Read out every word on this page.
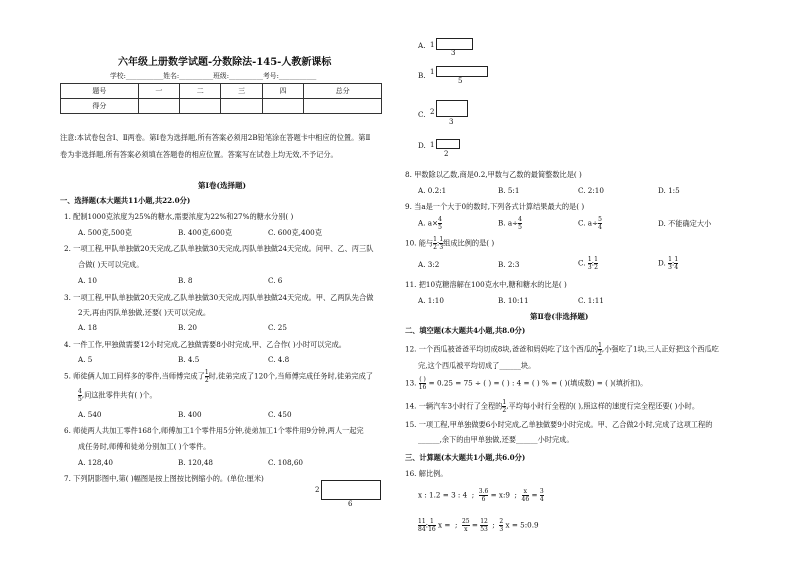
六年级上册数学试题-分数除法-145-人教新课标
学校:___________姓名:__________班级:__________考号:___________
题号	一	二	三	四	总分
得分					
注意:本试卷包含Ⅰ、Ⅱ两卷。第Ⅰ卷为选择题,所有答案必须用2B铅笔涂在答题卡中相应的位置。第Ⅱ
卷为非选择题,所有答案必须填在答题卷的相应位置。答案写在试卷上均无效,不予记分。
第Ⅰ卷(选择题)
一、选择题(本大题共11小题,共22.0分)
1. 配制1000克浓度为25%的糖水,需要浓度为22%和27%的糖水分别( )
A. 500克,500克	B. 400克,600克	C. 600克,400克
2. 一项工程,甲队单独做20天完成,乙队单独做30天完成,丙队单独做24天完成。问甲、乙、丙三队
合做( )天可以完成。
A. 10	B. 8	C. 6
3. 一项工程,甲队单独做20天完成,乙队单独做30天完成,丙队单独做24天完成。甲、乙两队先合做
2天,再由丙队单独做,还要( )天可以完成。
A. 18	B. 20	C. 25
4. 一件工作,甲独做需要12小时完成,乙独做需要8小时完成,甲、乙合作( )小时可以完成。
A. 5	B. 4.5	C. 4.8
5. 师徒俩人加工同样多的零件,当师傅完成了 $\frac{1}{2}$ 时,徒弟完成了120个,当师傅完成任务时,徒弟完成了
$\frac{4}{5}$ ,问这批零件共有( )个。
A. 540	B. 400	C. 450
6. 师徒两人共加工零件168个,师傅加工1个零件用5分钟,徒弟加工1个零件用9分钟,两人一起完
成任务时,师傅和徒弟分别加工( )个零件。
A. 128,40	B. 120,48	C. 108,60
7. 下列阴影图中,第( )幅图是按上图按比例缩小的。(单位:厘米)
2
6
A. 1
3
B. 1
5
C. 2
3
D. 1
2
8. 甲数除以乙数,商是0.2,甲数与乙数的最简整数比是( )
A. 0.2:1	B. 5:1	C. 2:10	D. 1:5
9. 当a是一个大于0的数时,下列各式计算结果最大的是( )
A. $a\times \frac{4}{5}$	B. $a\div \frac{4}{5}$	C. $a\div \frac{5}{4}$	D. 不能确定大小
10. 能与 $\frac{1}{2}$ : $\frac{1}{3}$ 组成比例的是( )
A. 3:2	B. 2:3	C. $\frac{1}{3}$ : $\frac{1}{2}$	D. $\frac{1}{3}$ : $\frac{1}{4}$
11. 把10克糖溶解在100克水中,糖和糖水的比是( )
A. 1:10	B. 10:11	C. 1:11
第Ⅱ卷(非选择题)
二、填空题(本大题共4小题,共8.0分)
12. 一个西瓜被爸爸平均切成8块,爸爸和妈妈吃了这个西瓜的 $\frac{1}{2}$ ,小强吃了1块,三人正好把这个西瓜吃
完,这个西瓜被平均切成了______块。
13. $\frac{( )}{16} = 0.25 = 75$ ÷ ( ) = ( ) : 4 = ( ) % = ( )(填成数) = ( )(填折扣)。
14. 一辆汽车3小时行了全程的 $\frac{1}{2}$ ,平均每小时行全程的( ),照这样的速度行完全程还要( )小时。
15. 一项工程,甲单独做要6小时完成,乙单独做要9小时完成。甲、乙合做2小时,完成了这项工程的
______,余下的由甲单独做,还要______小时完成。
三、计算题(本大题共1小题,共6.0分)
16. 解比例。
x : 1.2 = 3 : 4  ; $\frac{3.6}{6}$ = x:9  ; $\frac{x}{46} = \frac{3}{4}$
$\frac{11}{84}$ : $\frac{1}{16}$ x =  ; $\frac{25}{x} = \frac{12}{53}$ ; $\frac{2}{3}$ x = 5:0.9
